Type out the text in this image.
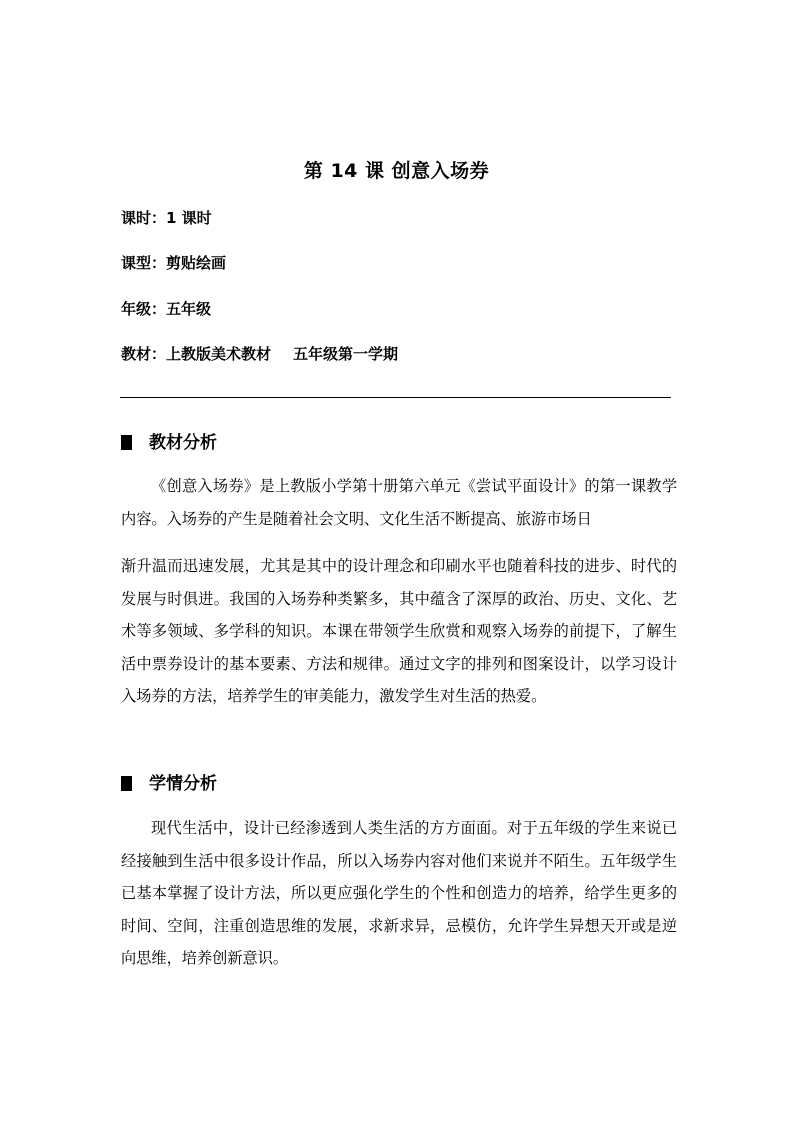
第 14 课 创意入场券
课时：1 课时
课型：剪贴绘画
年级：五年级
教材：上教版美术教材 五年级第一学期
教材分析

《创意入场券》是上教版小学第十册第六单元《尝试平面设计》的第一课教学内容。入场券的产生是随着社会文明、文化生活不断提高、旅游市场日

渐升温而迅速发展，尤其是其中的设计理念和印刷水平也随着科技的进步、时代的发展与时俱进。我国的入场券种类繁多，其中蕴含了深厚的政治、历史、文化、艺术等多领域、多学科的知识。本课在带领学生欣赏和观察入场券的前提下，了解生活中票券设计的基本要素、方法和规律。通过文字的排列和图案设计，以学习设计入场券的方法，培养学生的审美能力，激发学生对生活的热爱。

学情分析

现代生活中，设计已经渗透到人类生活的方方面面。对于五年级的学生来说已经接触到生活中很多设计作品，所以入场券内容对他们来说并不陌生。五年级学生已基本掌握了设计方法，所以更应强化学生的个性和创造力的培养，给学生更多的时间、空间，注重创造思维的发展，求新求异，忌模仿，允许学生异想天开或是逆向思维，培养创新意识。
